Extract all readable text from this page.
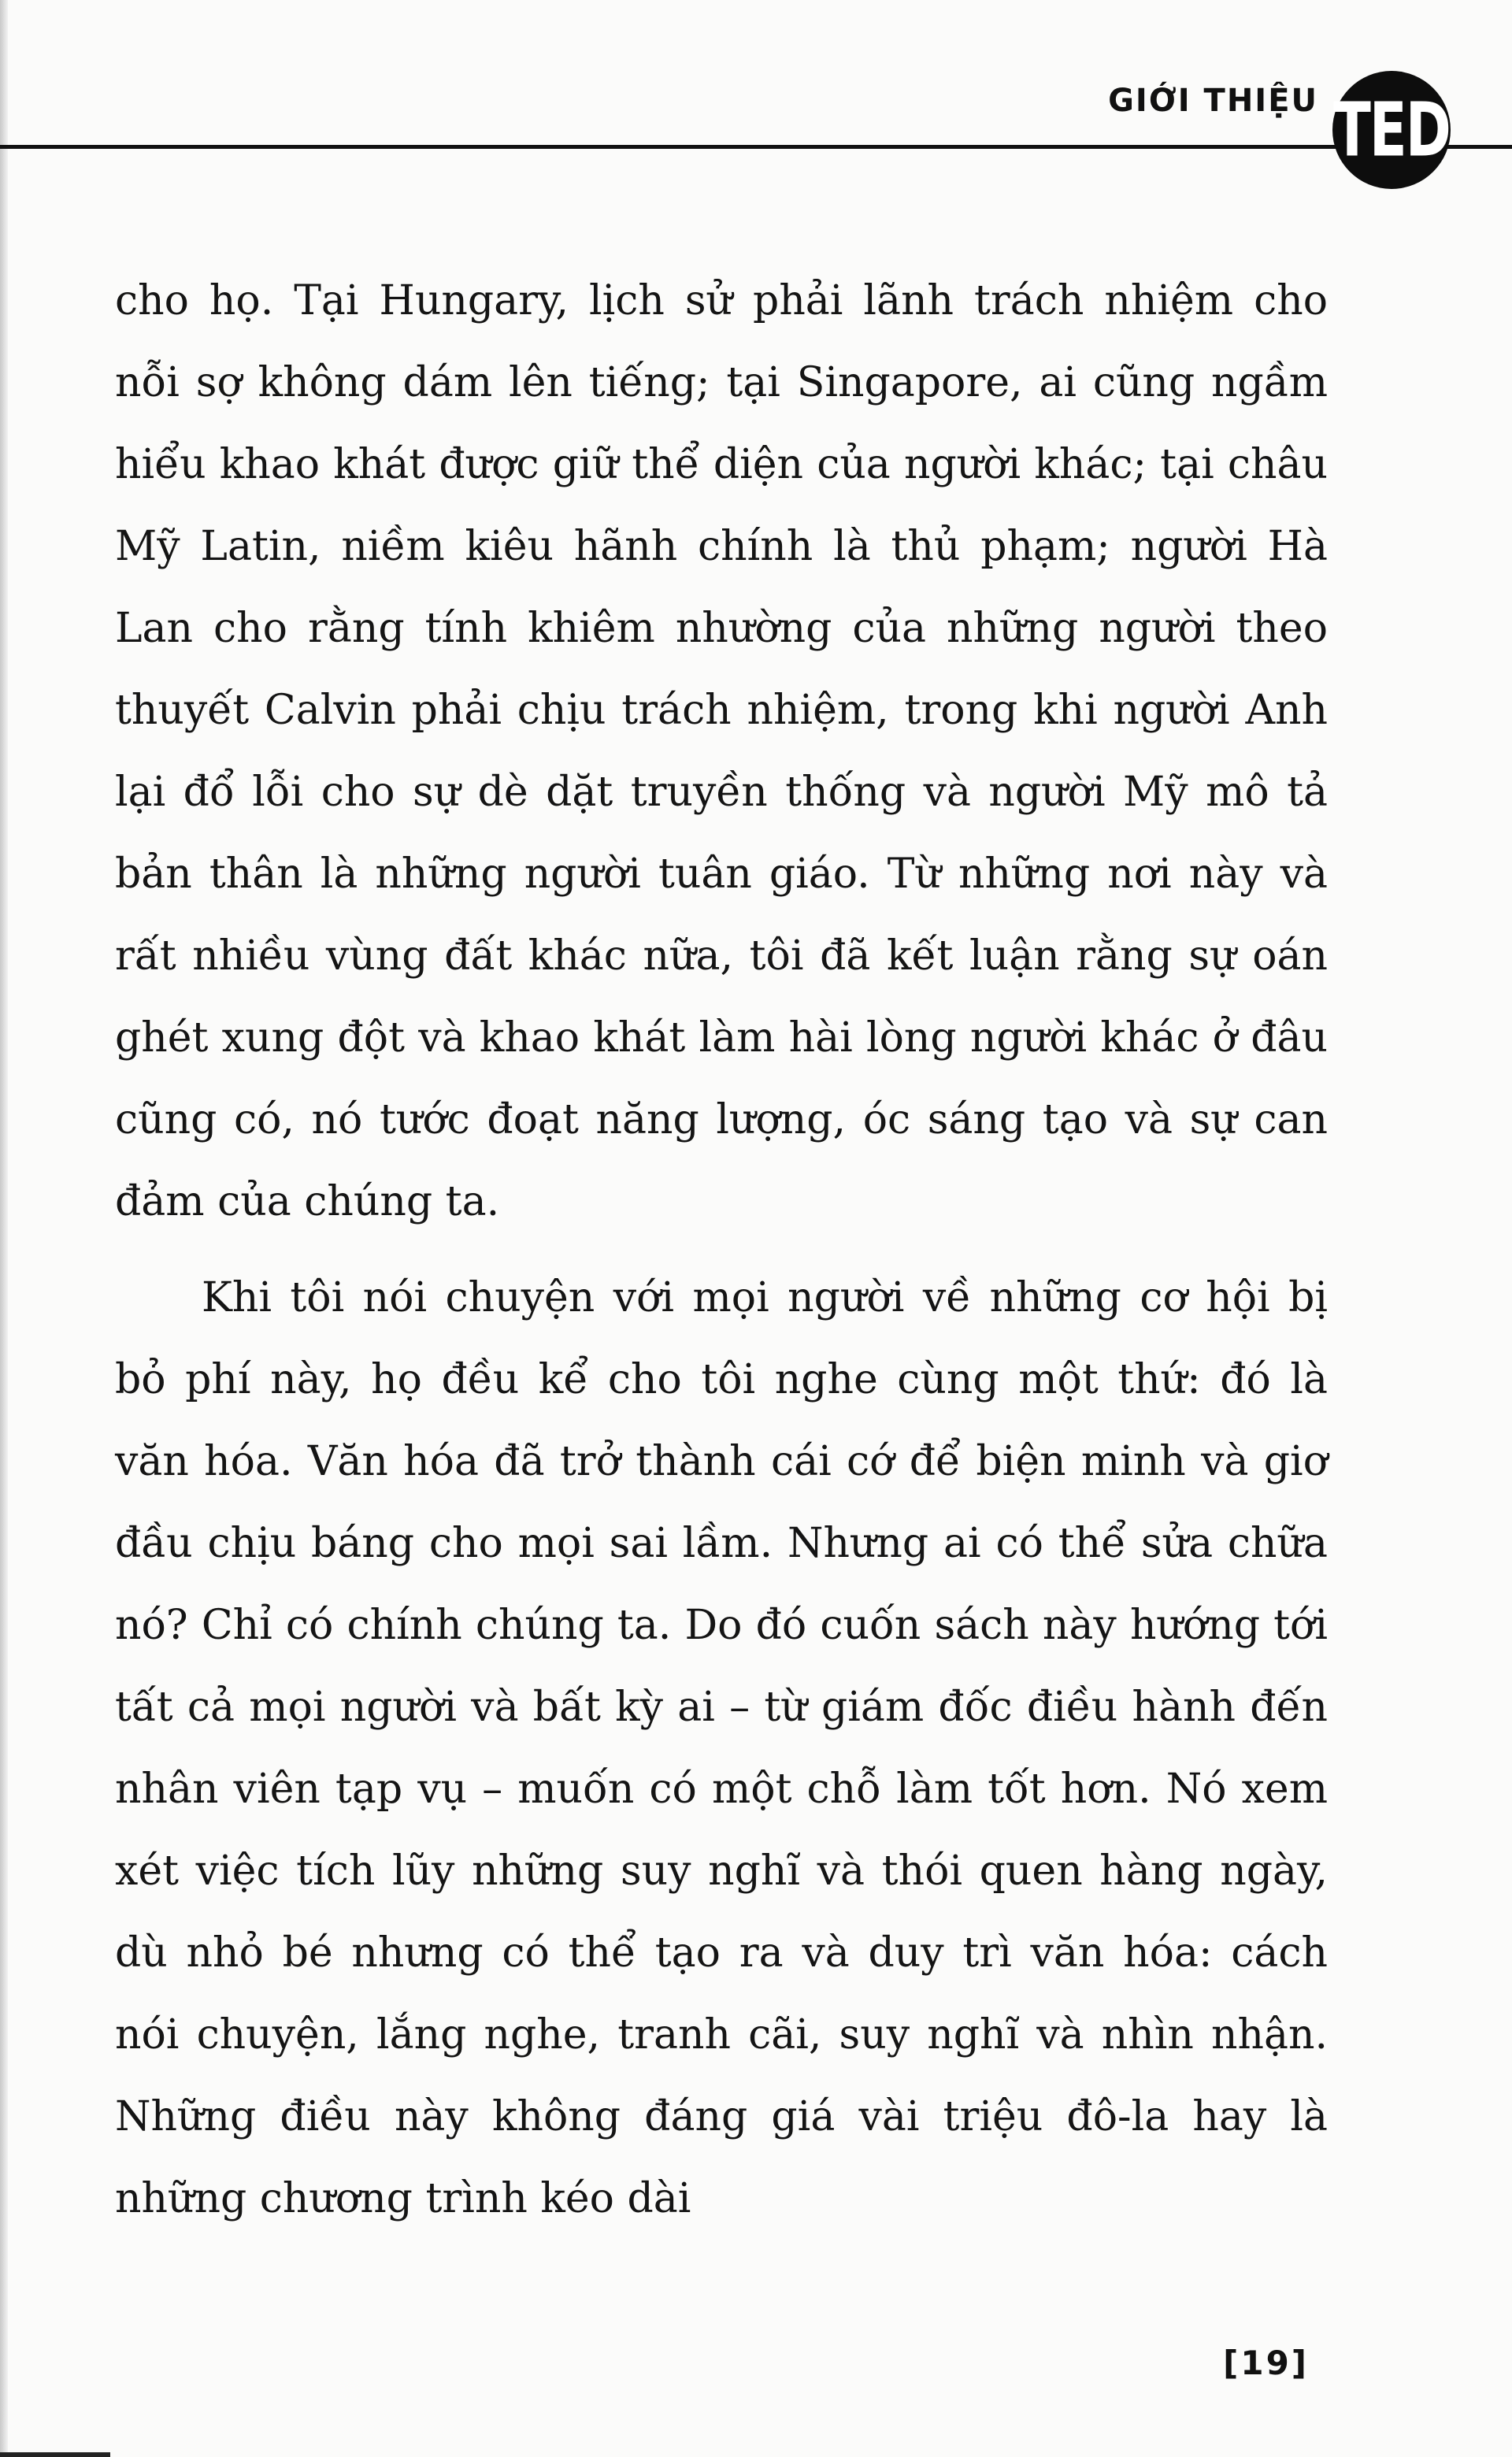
GIỚI THIỆU TED

cho họ. Tại Hungary, lịch sử phải lãnh trách nhiệm cho nỗi sợ không dám lên tiếng; tại Singapore, ai cũng ngầm hiểu khao khát được giữ thể diện của người khác; tại châu Mỹ Latin, niềm kiêu hãnh chính là thủ phạm; người Hà Lan cho rằng tính khiêm nhường của những người theo thuyết Calvin phải chịu trách nhiệm, trong khi người Anh lại đổ lỗi cho sự dè dặt truyền thống và người Mỹ mô tả bản thân là những người tuân giáo. Từ những nơi này và rất nhiều vùng đất khác nữa, tôi đã kết luận rằng sự oán ghét xung đột và khao khát làm hài lòng người khác ở đâu cũng có, nó tước đoạt năng lượng, óc sáng tạo và sự can đảm của chúng ta.

Khi tôi nói chuyện với mọi người về những cơ hội bị bỏ phí này, họ đều kể cho tôi nghe cùng một thứ: đó là văn hóa. Văn hóa đã trở thành cái cớ để biện minh và giơ đầu chịu báng cho mọi sai lầm. Nhưng ai có thể sửa chữa nó? Chỉ có chính chúng ta. Do đó cuốn sách này hướng tới tất cả mọi người và bất kỳ ai – từ giám đốc điều hành đến nhân viên tạp vụ – muốn có một chỗ làm tốt hơn. Nó xem xét việc tích lũy những suy nghĩ và thói quen hàng ngày, dù nhỏ bé nhưng có thể tạo ra và duy trì văn hóa: cách nói chuyện, lắng nghe, tranh cãi, suy nghĩ và nhìn nhận. Những điều này không đáng giá vài triệu đô-la hay là những chương trình kéo dài

[19]
